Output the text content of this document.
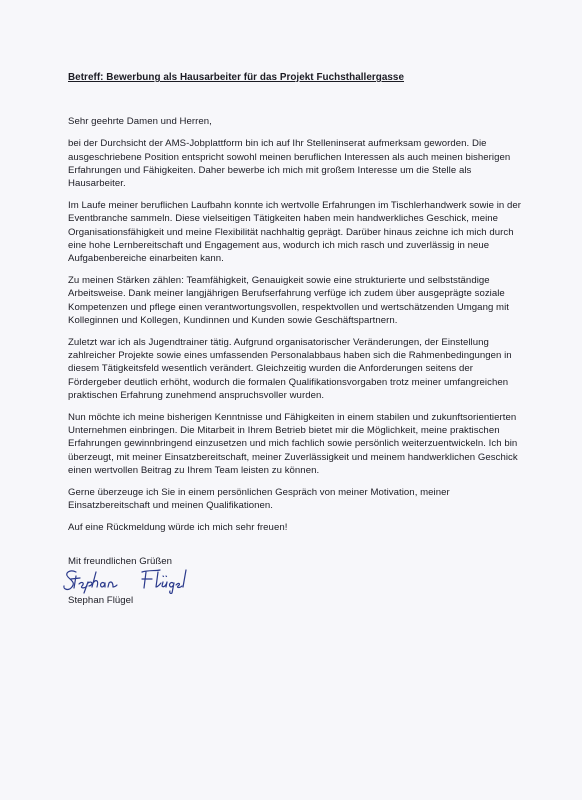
Betreff: Bewerbung als Hausarbeiter für das Projekt Fuchsthallergasse
Sehr geehrte Damen und Herren,

bei der Durchsicht der AMS-Jobplattform bin ich auf Ihr Stelleninserat aufmerksam geworden. Die ausgeschriebene Position entspricht sowohl meinen beruflichen Interessen als auch meinen bisherigen Erfahrungen und Fähigkeiten. Daher bewerbe ich mich mit großem Interesse um die Stelle als Hausarbeiter.

Im Laufe meiner beruflichen Laufbahn konnte ich wertvolle Erfahrungen im Tischlerhandwerk sowie in der Eventbranche sammeln. Diese vielseitigen Tätigkeiten haben mein handwerkliches Geschick, meine Organisationsfähigkeit und meine Flexibilität nachhaltig geprägt. Darüber hinaus zeichne ich mich durch eine hohe Lernbereitschaft und Engagement aus, wodurch ich mich rasch und zuverlässig in neue Aufgabenbereiche einarbeiten kann.

Zu meinen Stärken zählen: Teamfähigkeit, Genauigkeit sowie eine strukturierte und selbstständige Arbeitsweise. Dank meiner langjährigen Berufserfahrung verfüge ich zudem über ausgeprägte soziale Kompetenzen und pflege einen verantwortungsvollen, respektvollen und wertschätzenden Umgang mit Kolleginnen und Kollegen, Kundinnen und Kunden sowie Geschäftspartnern.

Zuletzt war ich als Jugendtrainer tätig. Aufgrund organisatorischer Veränderungen, der Einstellung zahlreicher Projekte sowie eines umfassenden Personalabbaus haben sich die Rahmenbedingungen in diesem Tätigkeitsfeld wesentlich verändert. Gleichzeitig wurden die Anforderungen seitens der Fördergeber deutlich erhöht, wodurch die formalen Qualifikationsvorgaben trotz meiner umfangreichen praktischen Erfahrung zunehmend anspruchsvoller wurden.

Nun möchte ich meine bisherigen Kenntnisse und Fähigkeiten in einem stabilen und zukunftsorientierten Unternehmen einbringen. Die Mitarbeit in Ihrem Betrieb bietet mir die Möglichkeit, meine praktischen Erfahrungen gewinnbringend einzusetzen und mich fachlich sowie persönlich weiterzuentwickeln. Ich bin überzeugt, mit meiner Einsatzbereitschaft, meiner Zuverlässigkeit und meinem handwerklichen Geschick einen wertvollen Beitrag zu Ihrem Team leisten zu können.

Gerne überzeuge ich Sie in einem persönlichen Gespräch von meiner Motivation, meiner Einsatzbereitschaft und meinen Qualifikationen.

Auf eine Rückmeldung würde ich mich sehr freuen!

Mit freundlichen Grüßen
Stephan Flügel
